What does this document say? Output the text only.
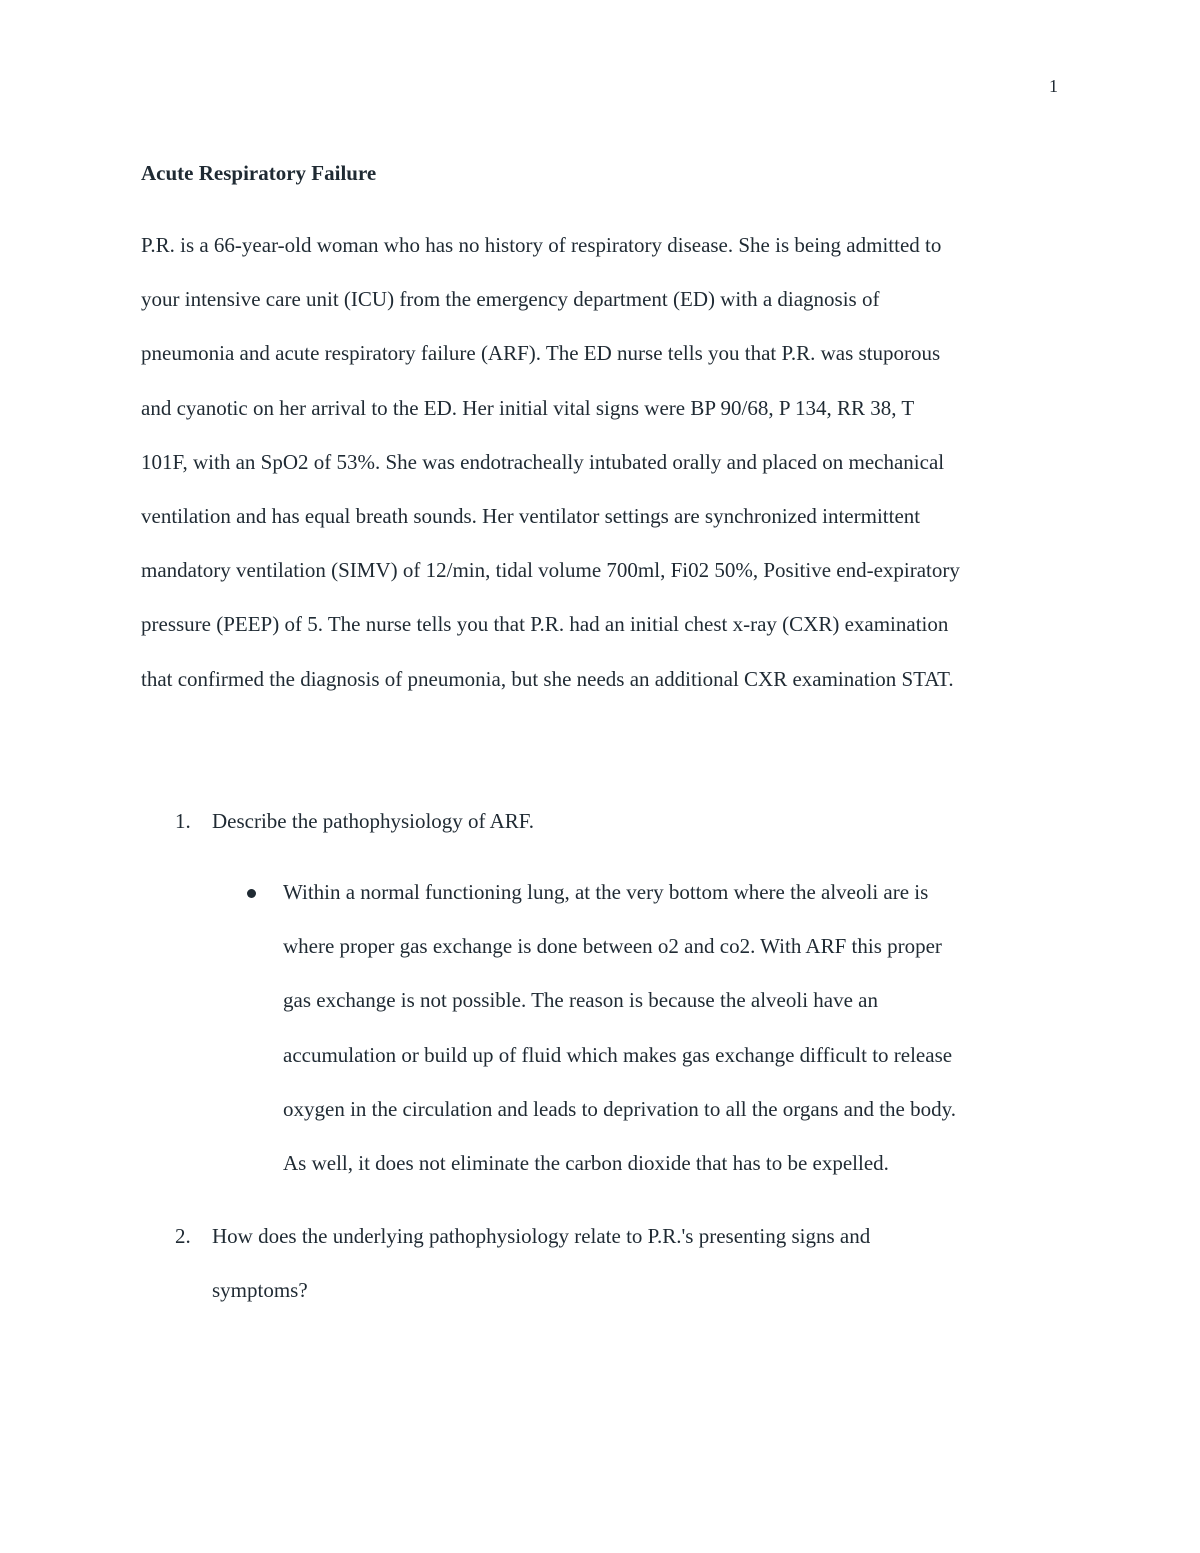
1
Acute Respiratory Failure

P.R. is a 66-year-old woman who has no history of respiratory disease. She is being admitted to
your intensive care unit (ICU) from the emergency department (ED) with a diagnosis of
pneumonia and acute respiratory failure (ARF). The ED nurse tells you that P.R. was stuporous
and cyanotic on her arrival to the ED. Her initial vital signs were BP 90/68, P 134, RR 38, T
101F, with an SpO2 of 53%. She was endotracheally intubated orally and placed on mechanical
ventilation and has equal breath sounds. Her ventilator settings are synchronized intermittent
mandatory ventilation (SIMV) of 12/min, tidal volume 700ml, Fi02 50%, Positive end-expiratory
pressure (PEEP) of 5. The nurse tells you that P.R. had an initial chest x-ray (CXR) examination
that confirmed the diagnosis of pneumonia, but she needs an additional CXR examination STAT.

1. Describe the pathophysiology of ARF.
Within a normal functioning lung, at the very bottom where the alveoli are is
where proper gas exchange is done between o2 and co2. With ARF this proper
gas exchange is not possible. The reason is because the alveoli have an
accumulation or build up of fluid which makes gas exchange difficult to release
oxygen in the circulation and leads to deprivation to all the organs and the body.
As well, it does not eliminate the carbon dioxide that has to be expelled.
2. How does the underlying pathophysiology relate to P.R.'s presenting signs and
symptoms?
